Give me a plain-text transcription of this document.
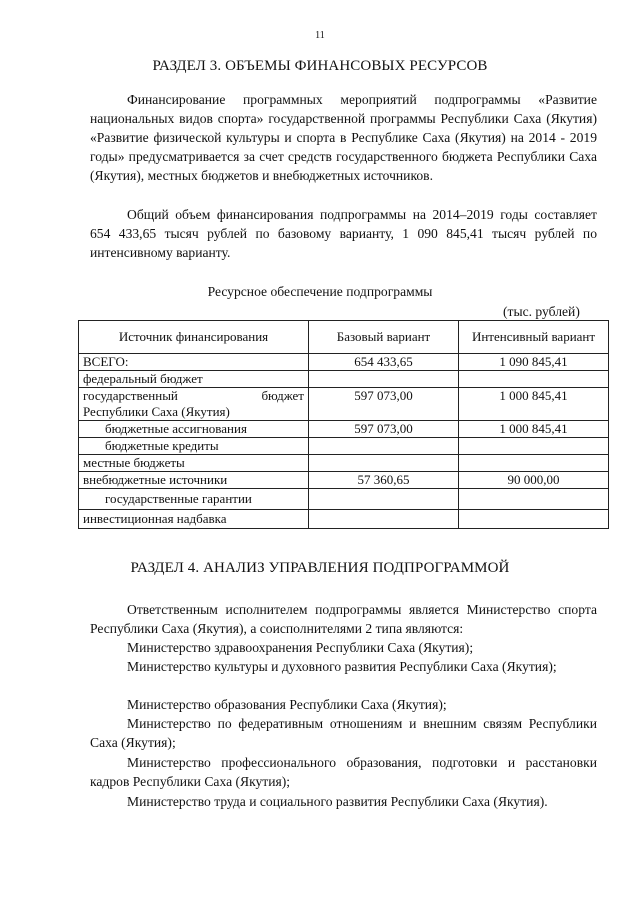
11
РАЗДЕЛ 3. ОБЪЕМЫ ФИНАНСОВЫХ РЕСУРСОВ

Финансирование программных мероприятий подпрограммы «Развитие национальных видов спорта» государственной программы Республики Саха (Якутия) «Развитие физической культуры и спорта в Республике Саха (Якутия) на 2014 - 2019 годы» предусматривается за счет средств государственного бюджета Республики Саха (Якутия), местных бюджетов и внебюджетных источников.

Общий объем финансирования подпрограммы на 2014–2019 годы составляет 654 433,65 тысяч рублей по базовому варианту, 1 090 845,41 тысяч рублей по интенсивному варианту.

Ресурсное обеспечение подпрограммы
(тыс. рублей)
Источник финансирования	Базовый вариант	Интенсивный вариант
ВСЕГО:	654 433,65	1 090 845,41
федеральный бюджет		

государственный бюджет
Республики Саха (Якутия)	597 073,00	1 000 845,41
бюджетные ассигнования	597 073,00	1 000 845,41
бюджетные кредиты		
местные бюджеты		
внебюджетные источники	57 360,65	90 000,00
государственные гарантии		
инвестиционная надбавка		
РАЗДЕЛ 4. АНАЛИЗ УПРАВЛЕНИЯ ПОДПРОГРАММОЙ

Ответственным исполнителем подпрограммы является Министерство спорта Республики Саха (Якутия), а соисполнителями 2 типа являются:

Министерство здравоохранения Республики Саха (Якутия);

Министерство культуры и духовного развития Республики Саха (Якутия);

Министерство образования Республики Саха (Якутия);

Министерство по федеративным отношениям и внешним связям Республики Саха (Якутия);

Министерство профессионального образования, подготовки и расстановки кадров Республики Саха (Якутия);

Министерство труда и социального развития Республики Саха (Якутия).
